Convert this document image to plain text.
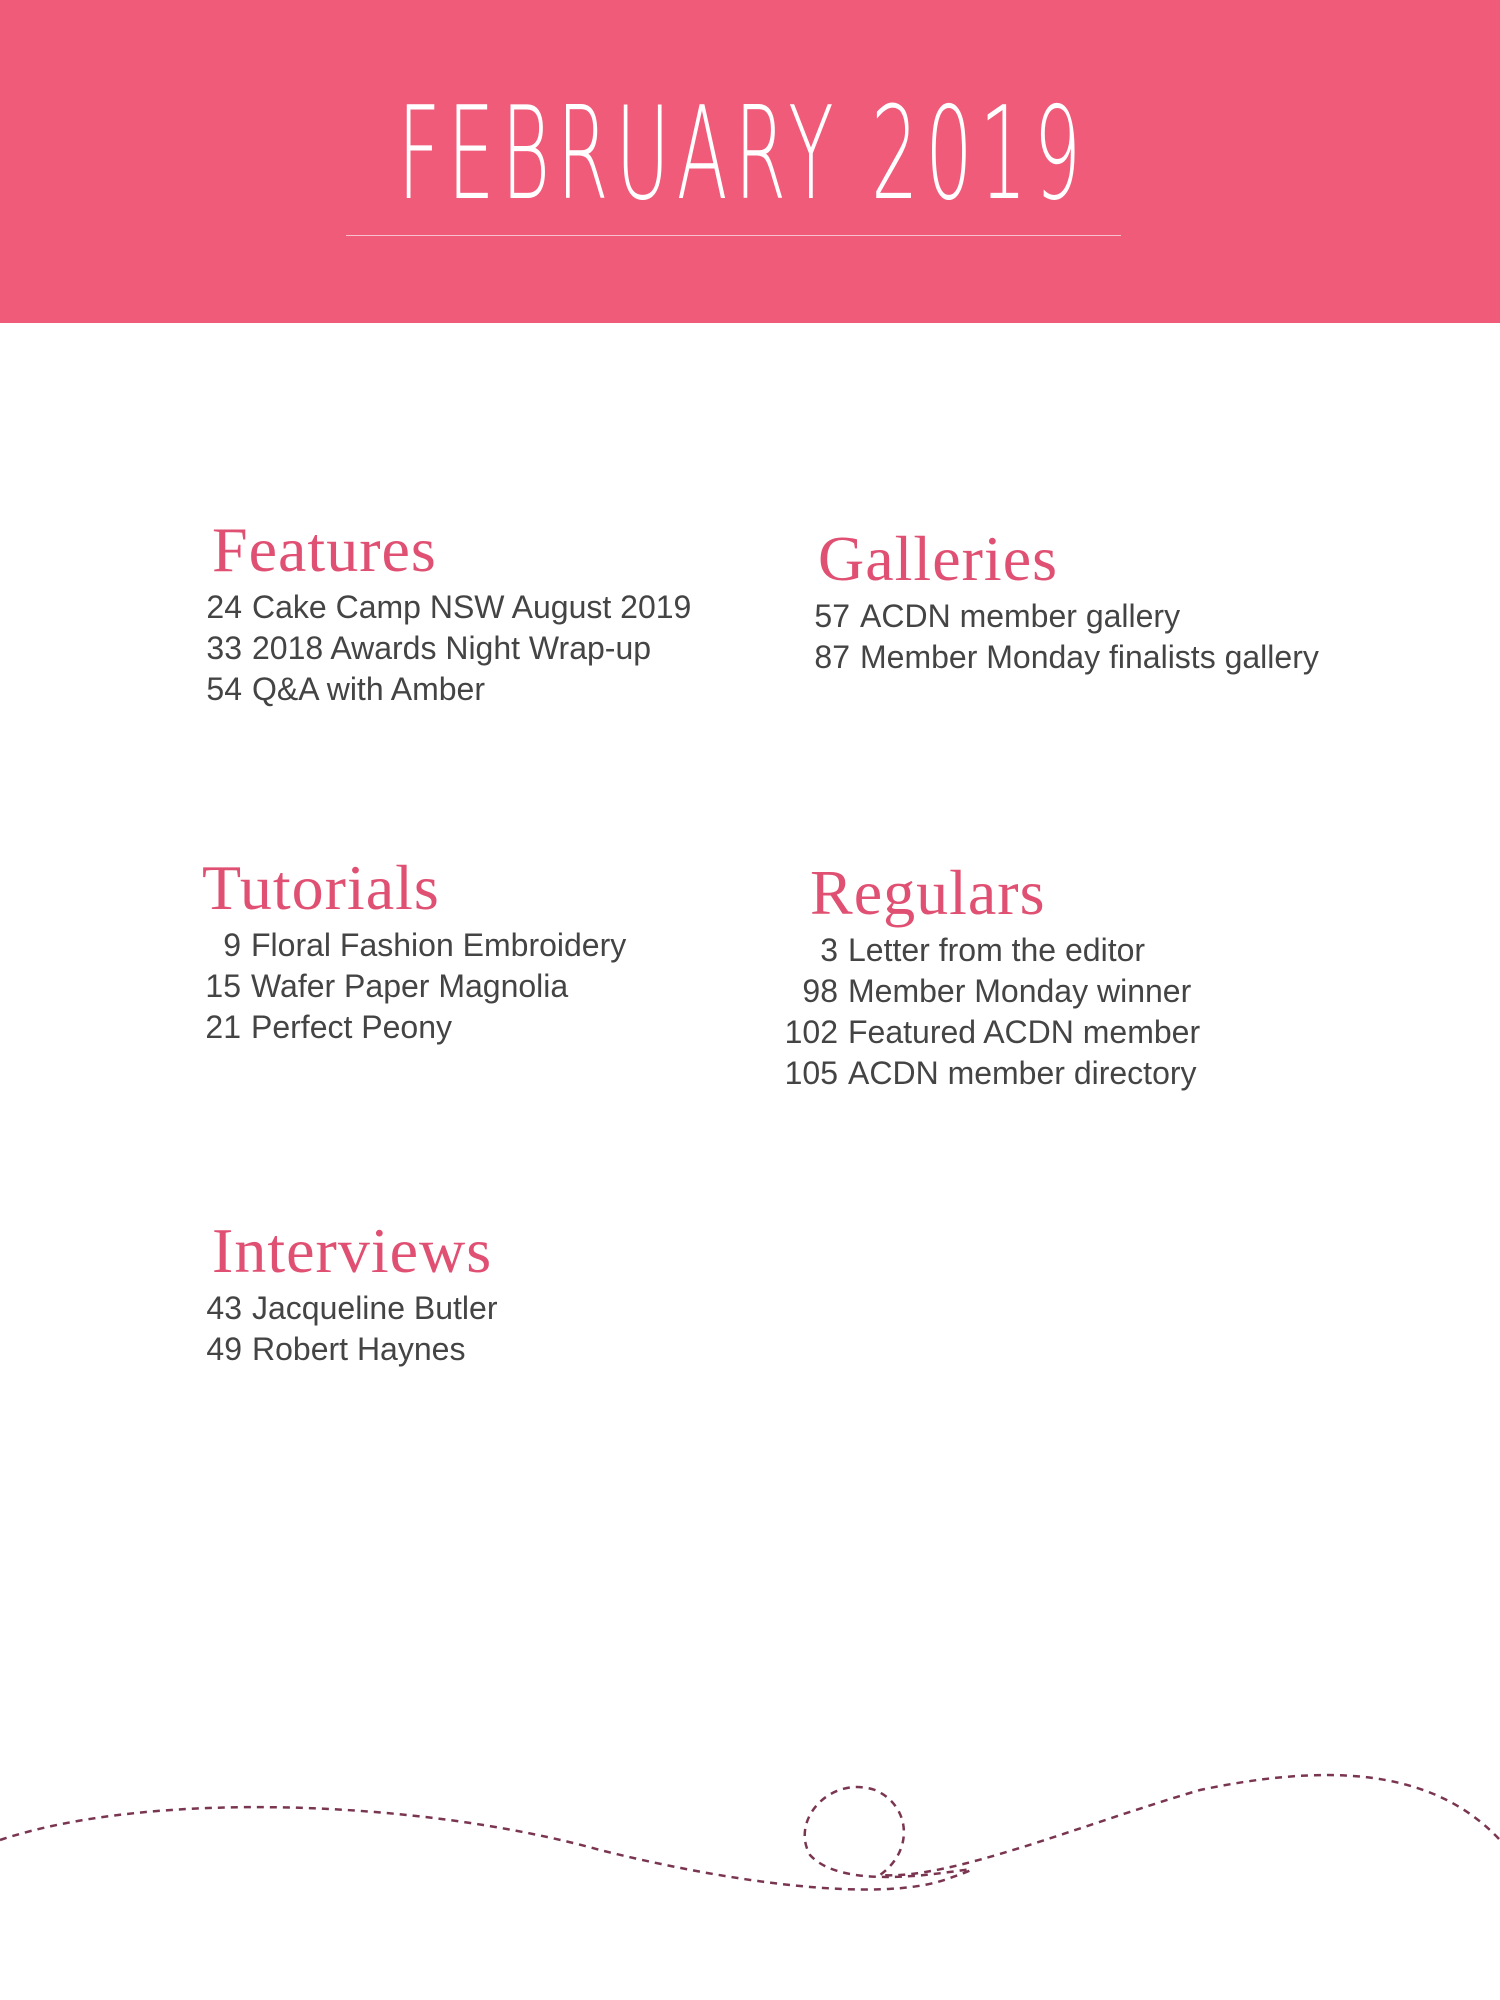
FEBRUARY 2019
Features
24 Cake Camp NSW August 2019
33 2018 Awards Night Wrap-up
54 Q&A with Amber
Galleries
57 ACDN member gallery
87 Member Monday finalists gallery
Tutorials
9 Floral Fashion Embroidery
15 Wafer Paper Magnolia
21 Perfect Peony
Regulars
3 Letter from the editor
98 Member Monday winner
102 Featured ACDN member
105 ACDN member directory
Interviews
43 Jacqueline Butler
49 Robert Haynes
